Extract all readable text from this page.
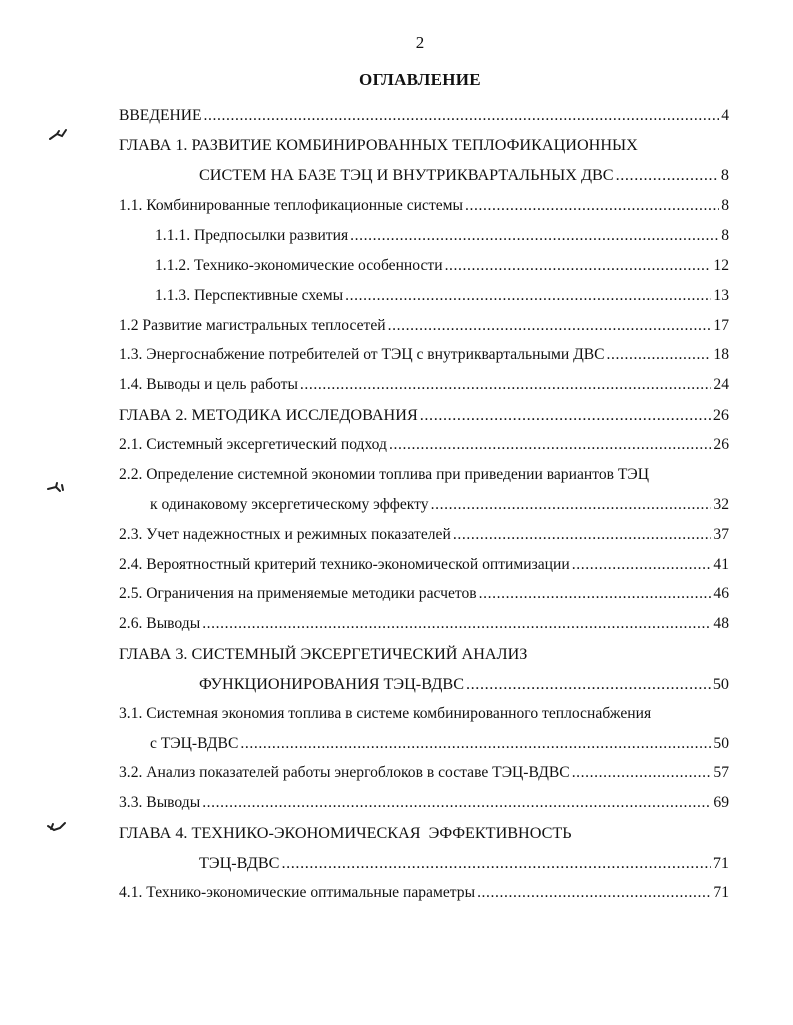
2
ОГЛАВЛЕНИЕ
ВВЕДЕНИЕ .....	4
ГЛАВА 1. РАЗВИТИЕ КОМБИНИРОВАННЫХ ТЕПЛОФИКАЦИОННЫХ
СИСТЕМ НА БАЗЕ ТЭЦ И ВНУТРИКВАРТАЛЬНЫХ ДВС .....	8
1.1. Комбинированные теплофикационные системы .....	8
1.1.1. Предпосылки развития .....	8
1.1.2. Технико-экономические особенности .....	12
1.1.3. Перспективные схемы .....	13
1.2 Развитие магистральных теплосетей .....	17
1.3. Энергоснабжение потребителей от ТЭЦ с внутриквартальными ДВС .....	18
1.4. Выводы и цель работы .....	24
ГЛАВА 2. МЕТОДИКА ИССЛЕДОВАНИЯ .....	26
2.1. Системный эксергетический подход .....	26
2.2. Определение системной экономии топлива при приведении вариантов ТЭЦ
к одинаковому эксергетическому эффекту .....	32
2.3. Учет надежностных и режимных показателей .....	37
2.4. Вероятностный критерий технико-экономической оптимизации .....	41
2.5. Ограничения на применяемые методики расчетов .....	46
2.6. Выводы .....	48
ГЛАВА 3. СИСТЕМНЫЙ ЭКСЕРГЕТИЧЕСКИЙ АНАЛИЗ
ФУНКЦИОНИРОВАНИЯ ТЭЦ-ВДВС .....	50
3.1. Системная экономия топлива в системе комбинированного теплоснабжения
с ТЭЦ-ВДВС .....	50
3.2. Анализ показателей работы энергоблоков в составе ТЭЦ-ВДВС .....	57
3.3. Выводы .....	69
ГЛАВА 4. ТЕХНИКО-ЭКОНОМИЧЕСКАЯ  ЭФФЕКТИВНОСТЬ
ТЭЦ-ВДВС .....	71
4.1. Технико-экономические оптимальные параметры .....	71
